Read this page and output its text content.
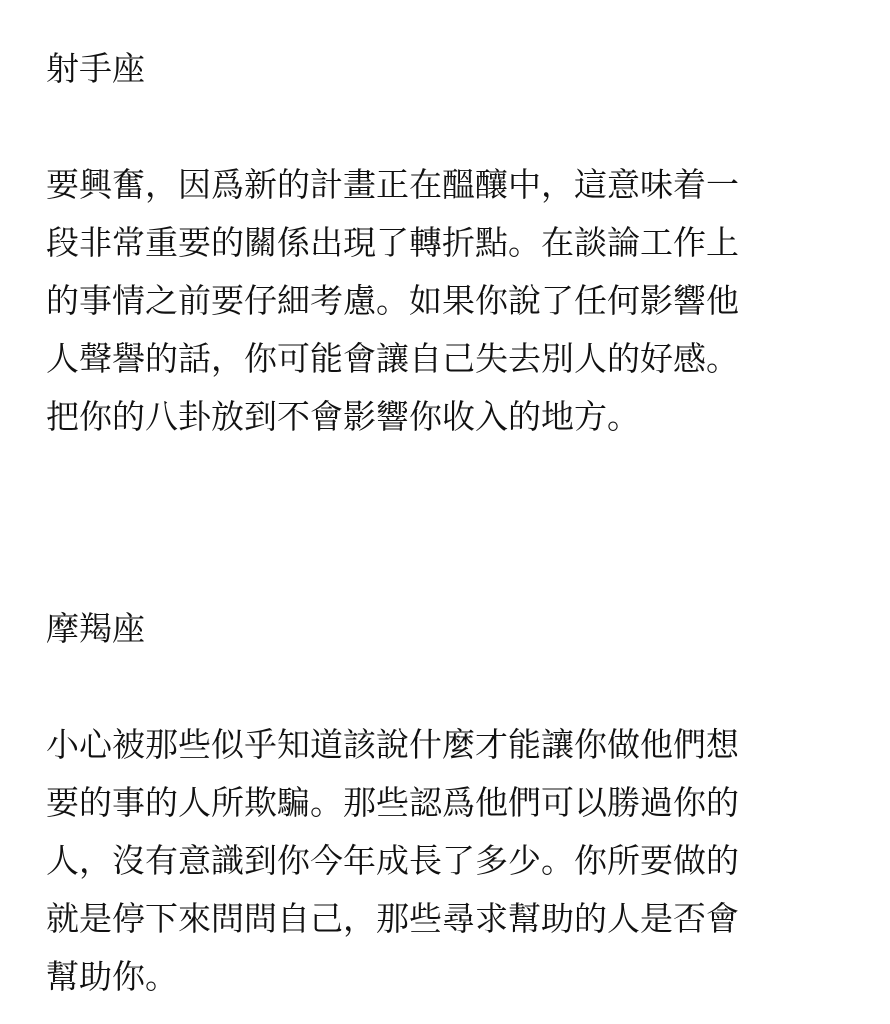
射手座

要興奮，因爲新的計畫正在醞釀中，這意味着一
段非常重要的關係出現了轉折點。在談論工作上
的事情之前要仔細考慮。如果你說了任何影響他
人聲譽的話，你可能會讓自己失去別人的好感。
把你的八卦放到不會影響你收入的地方。

摩羯座

小心被那些似乎知道該說什麼才能讓你做他們想
要的事的人所欺騙。那些認爲他們可以勝過你的
人，沒有意識到你今年成長了多少。你所要做的
就是停下來問問自己，那些尋求幫助的人是否會
幫助你。
